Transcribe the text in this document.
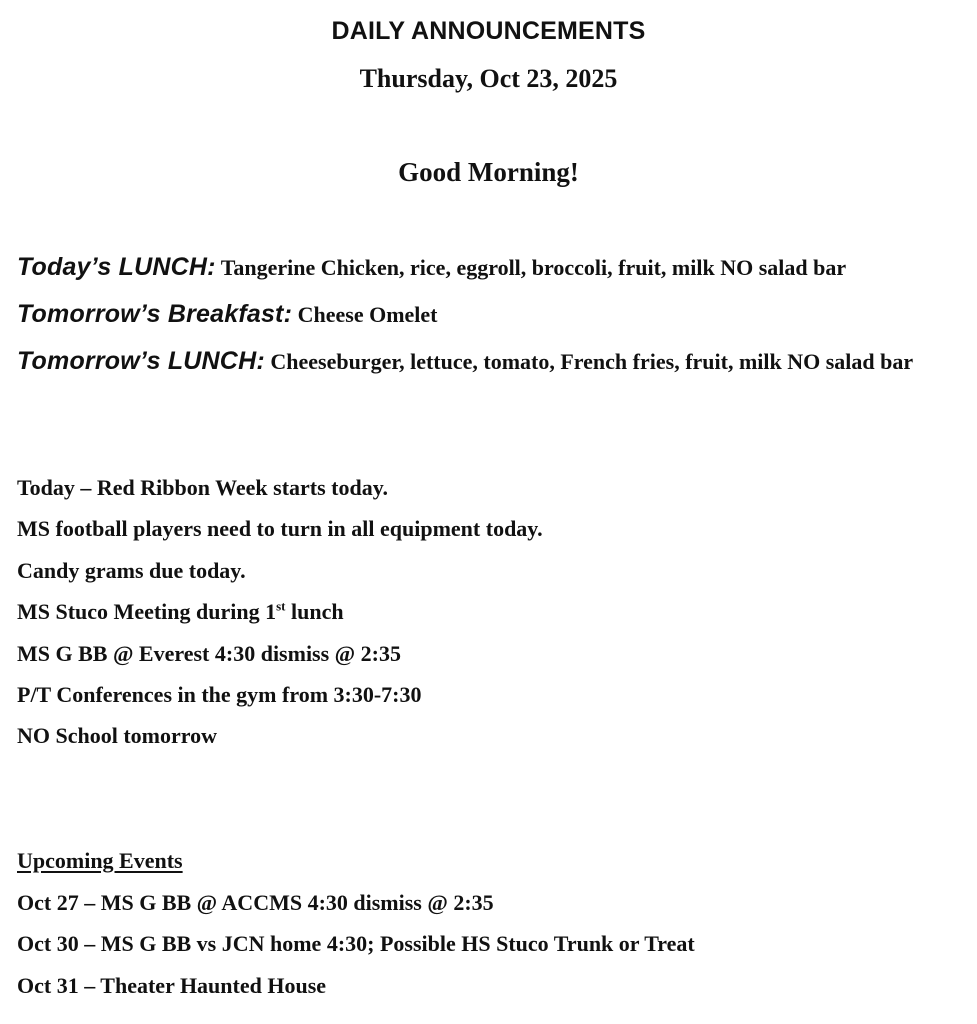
DAILY ANNOUNCEMENTS
Thursday, Oct 23, 2025
Good Morning!
Today’s LUNCH: Tangerine Chicken, rice, eggroll, broccoli, fruit, milk NO salad bar
Tomorrow’s Breakfast: Cheese Omelet
Tomorrow’s LUNCH: Cheeseburger, lettuce, tomato, French fries, fruit, milk NO salad bar
Today – Red Ribbon Week starts today.
MS football players need to turn in all equipment today.
Candy grams due today.
MS Stuco Meeting during 1st lunch
MS G BB @ Everest 4:30 dismiss @ 2:35
P/T Conferences in the gym from 3:30-7:30
NO School tomorrow
Upcoming Events
Oct 27 – MS G BB @ ACCMS 4:30 dismiss @ 2:35
Oct 30 – MS G BB vs JCN home 4:30; Possible HS Stuco Trunk or Treat
Oct 31 – Theater Haunted House
